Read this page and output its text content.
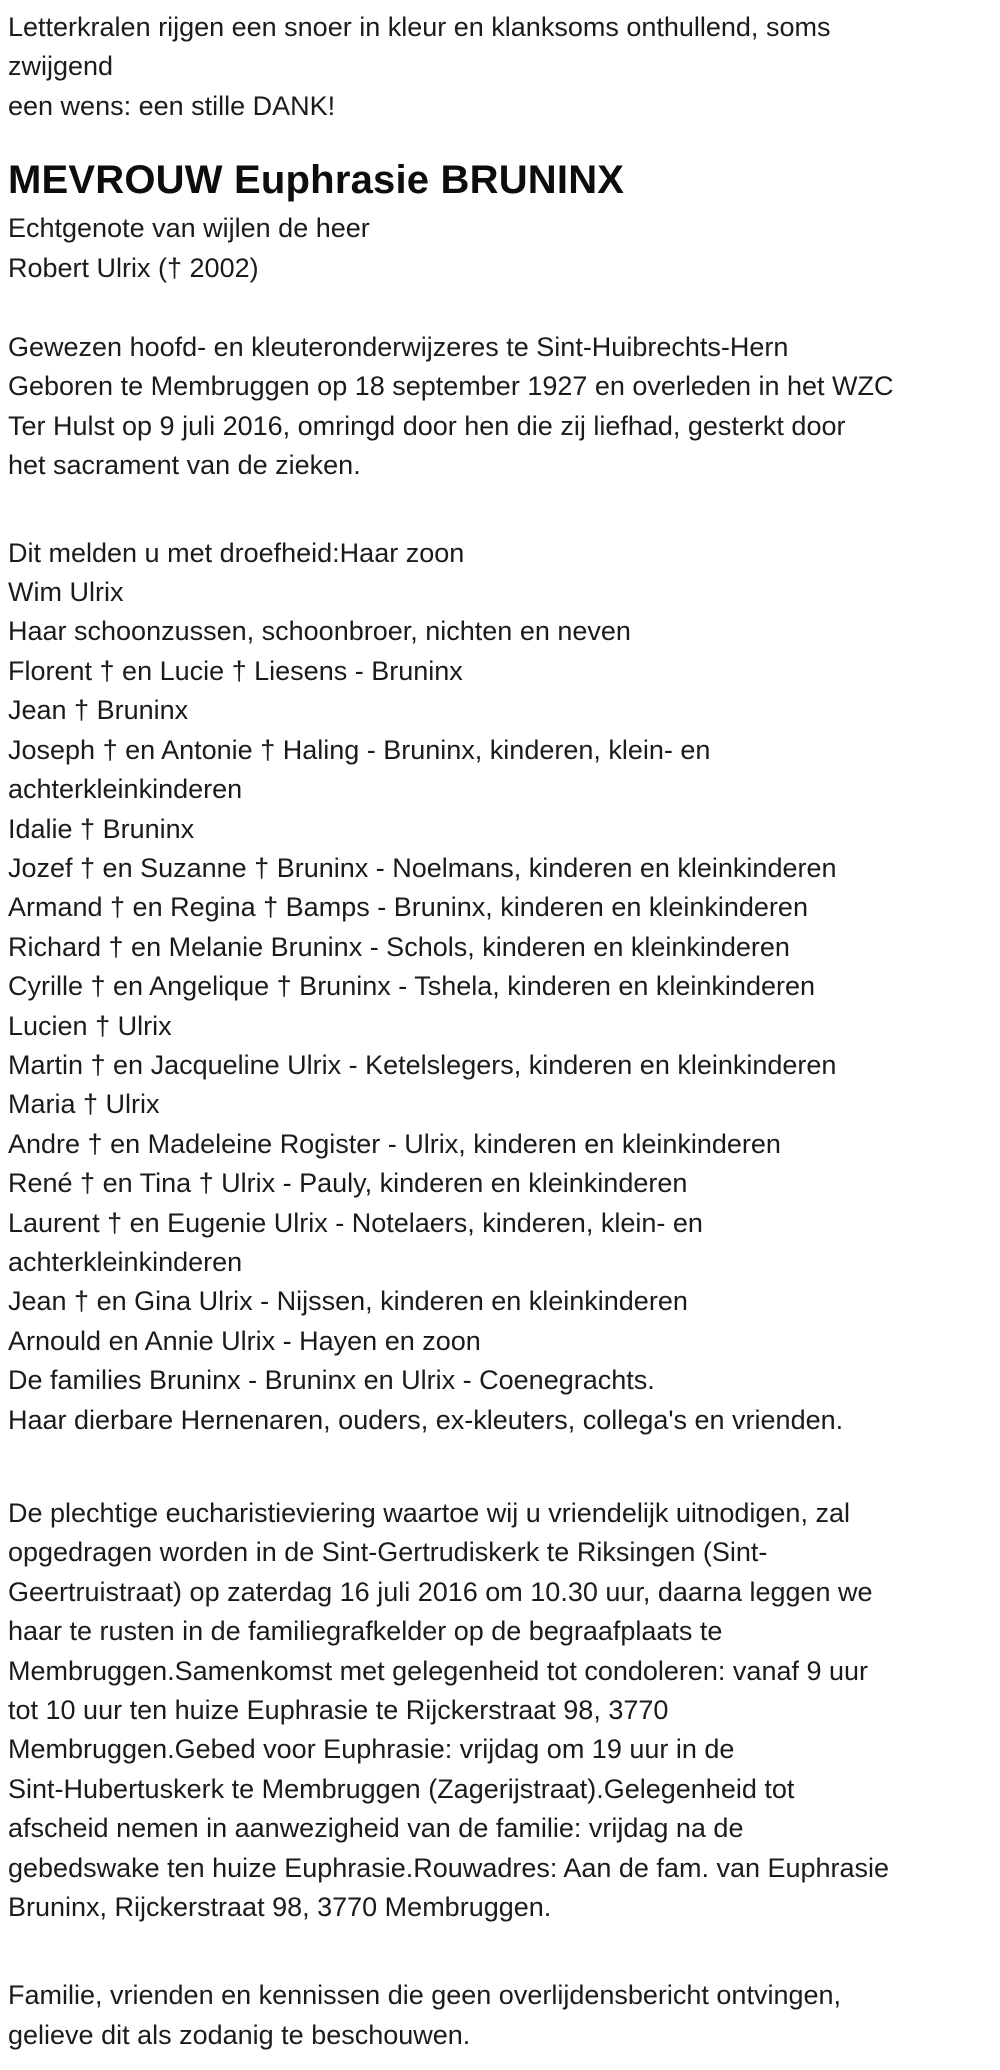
Letterkralen rijgen een snoer in kleur en klanksoms onthullend, soms
zwijgend
een wens: een stille DANK!
MEVROUW Euphrasie BRUNINX
Echtgenote van wijlen de heer
Robert Ulrix († 2002)
Gewezen hoofd- en kleuteronderwijzeres te Sint-Huibrechts-Hern
Geboren te Membruggen op 18 september 1927 en overleden in het WZC
Ter Hulst op 9 juli 2016, omringd door hen die zij liefhad, gesterkt door
het sacrament van de zieken.
Dit melden u met droefheid:Haar zoon
Wim Ulrix
Haar schoonzussen, schoonbroer, nichten en neven
Florent † en Lucie † Liesens - Bruninx
Jean † Bruninx
Joseph † en Antonie † Haling - Bruninx, kinderen, klein- en
achterkleinkinderen
Idalie † Bruninx
Jozef † en Suzanne † Bruninx - Noelmans, kinderen en kleinkinderen
Armand † en Regina † Bamps - Bruninx, kinderen en kleinkinderen
Richard † en Melanie Bruninx - Schols, kinderen en kleinkinderen
Cyrille † en Angelique † Bruninx - Tshela, kinderen en kleinkinderen
Lucien † Ulrix
Martin † en Jacqueline Ulrix - Ketelslegers, kinderen en kleinkinderen
Maria † Ulrix
Andre † en Madeleine Rogister - Ulrix, kinderen en kleinkinderen
René † en Tina † Ulrix - Pauly, kinderen en kleinkinderen
Laurent † en Eugenie Ulrix - Notelaers, kinderen, klein- en
achterkleinkinderen
Jean † en Gina Ulrix - Nijssen, kinderen en kleinkinderen
Arnould en Annie Ulrix - Hayen en zoon
De families Bruninx - Bruninx en Ulrix - Coenegrachts.
Haar dierbare Hernenaren, ouders, ex-kleuters, collega's en vrienden.
De plechtige eucharistieviering waartoe wij u vriendelijk uitnodigen, zal
opgedragen worden in de Sint-Gertrudiskerk te Riksingen (Sint-
Geertruistraat) op zaterdag 16 juli 2016 om 10.30 uur, daarna leggen we
haar te rusten in de familiegrafkelder op de begraafplaats te
Membruggen.Samenkomst met gelegenheid tot condoleren: vanaf 9 uur
tot 10 uur ten huize Euphrasie te Rijckerstraat 98, 3770
Membruggen.Gebed voor Euphrasie: vrijdag om 19 uur in de
Sint-Hubertuskerk te Membruggen (Zagerijstraat).Gelegenheid tot
afscheid nemen in aanwezigheid van de familie: vrijdag na de
gebedswake ten huize Euphrasie.Rouwadres: Aan de fam. van Euphrasie
Bruninx, Rijckerstraat 98, 3770 Membruggen.
Familie, vrienden en kennissen die geen overlijdensbericht ontvingen,
gelieve dit als zodanig te beschouwen.
